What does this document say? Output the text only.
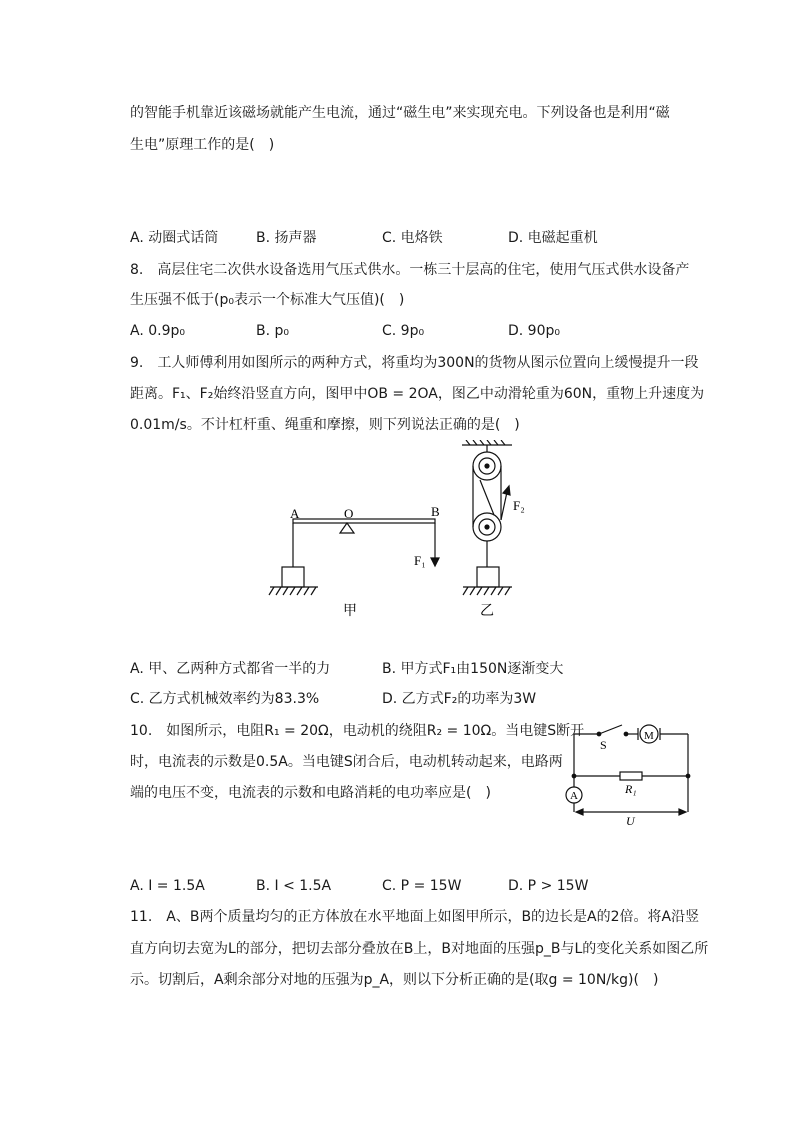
的智能手机靠近该磁场就能产生电流，通过“磁生电”来实现充电。下列设备也是利用“磁
生电”原理工作的是(　)
A. 动圈式话筒	B. 扬声器	C. 电烙铁	D. 电磁起重机
8.　高层住宅二次供水设备选用气压式供水。一栋三十层高的住宅，使用气压式供水设备产
生压强不低于(p₀表示一个标准大气压值)(　)
A. 0.9p₀	B. p₀	C. 9p₀	D. 90p₀
9.　工人师傅利用如图所示的两种方式，将重均为300N的货物从图示位置向上缓慢提升一段
距离。F₁、F₂始终沿竖直方向，图甲中OB = 2OA，图乙中动滑轮重为60N，重物上升速度为
0.01m/s。不计杠杆重、绳重和摩擦，则下列说法正确的是(　)
A	O	B
F₁
甲
F₂
乙
A. 甲、乙两种方式都省一半的力	B. 甲方式F₁由150N逐渐变大
C. 乙方式机械效率约为83.3%	D. 乙方式F₂的功率为3W
10.　如图所示，电阻R₁ = 20Ω，电动机的绕阻R₂ = 10Ω。当电键S断开
时，电流表的示数是0.5A。当电键S闭合后，电动机转动起来，电路两
端的电压不变，电流表的示数和电路消耗的电功率应是(　)
S
M
R₁
A
U
A. I = 1.5A	B. I < 1.5A	C. P = 15W	D. P > 15W
11.　A、B两个质量均匀的正方体放在水平地面上如图甲所示，B的边长是A的2倍。将A沿竖
直方向切去宽为L的部分，把切去部分叠放在B上，B对地面的压强p_B与L的变化关系如图乙所
示。切割后，A剩余部分对地的压强为p_A，则以下分析正确的是(取g = 10N/kg)(　)
